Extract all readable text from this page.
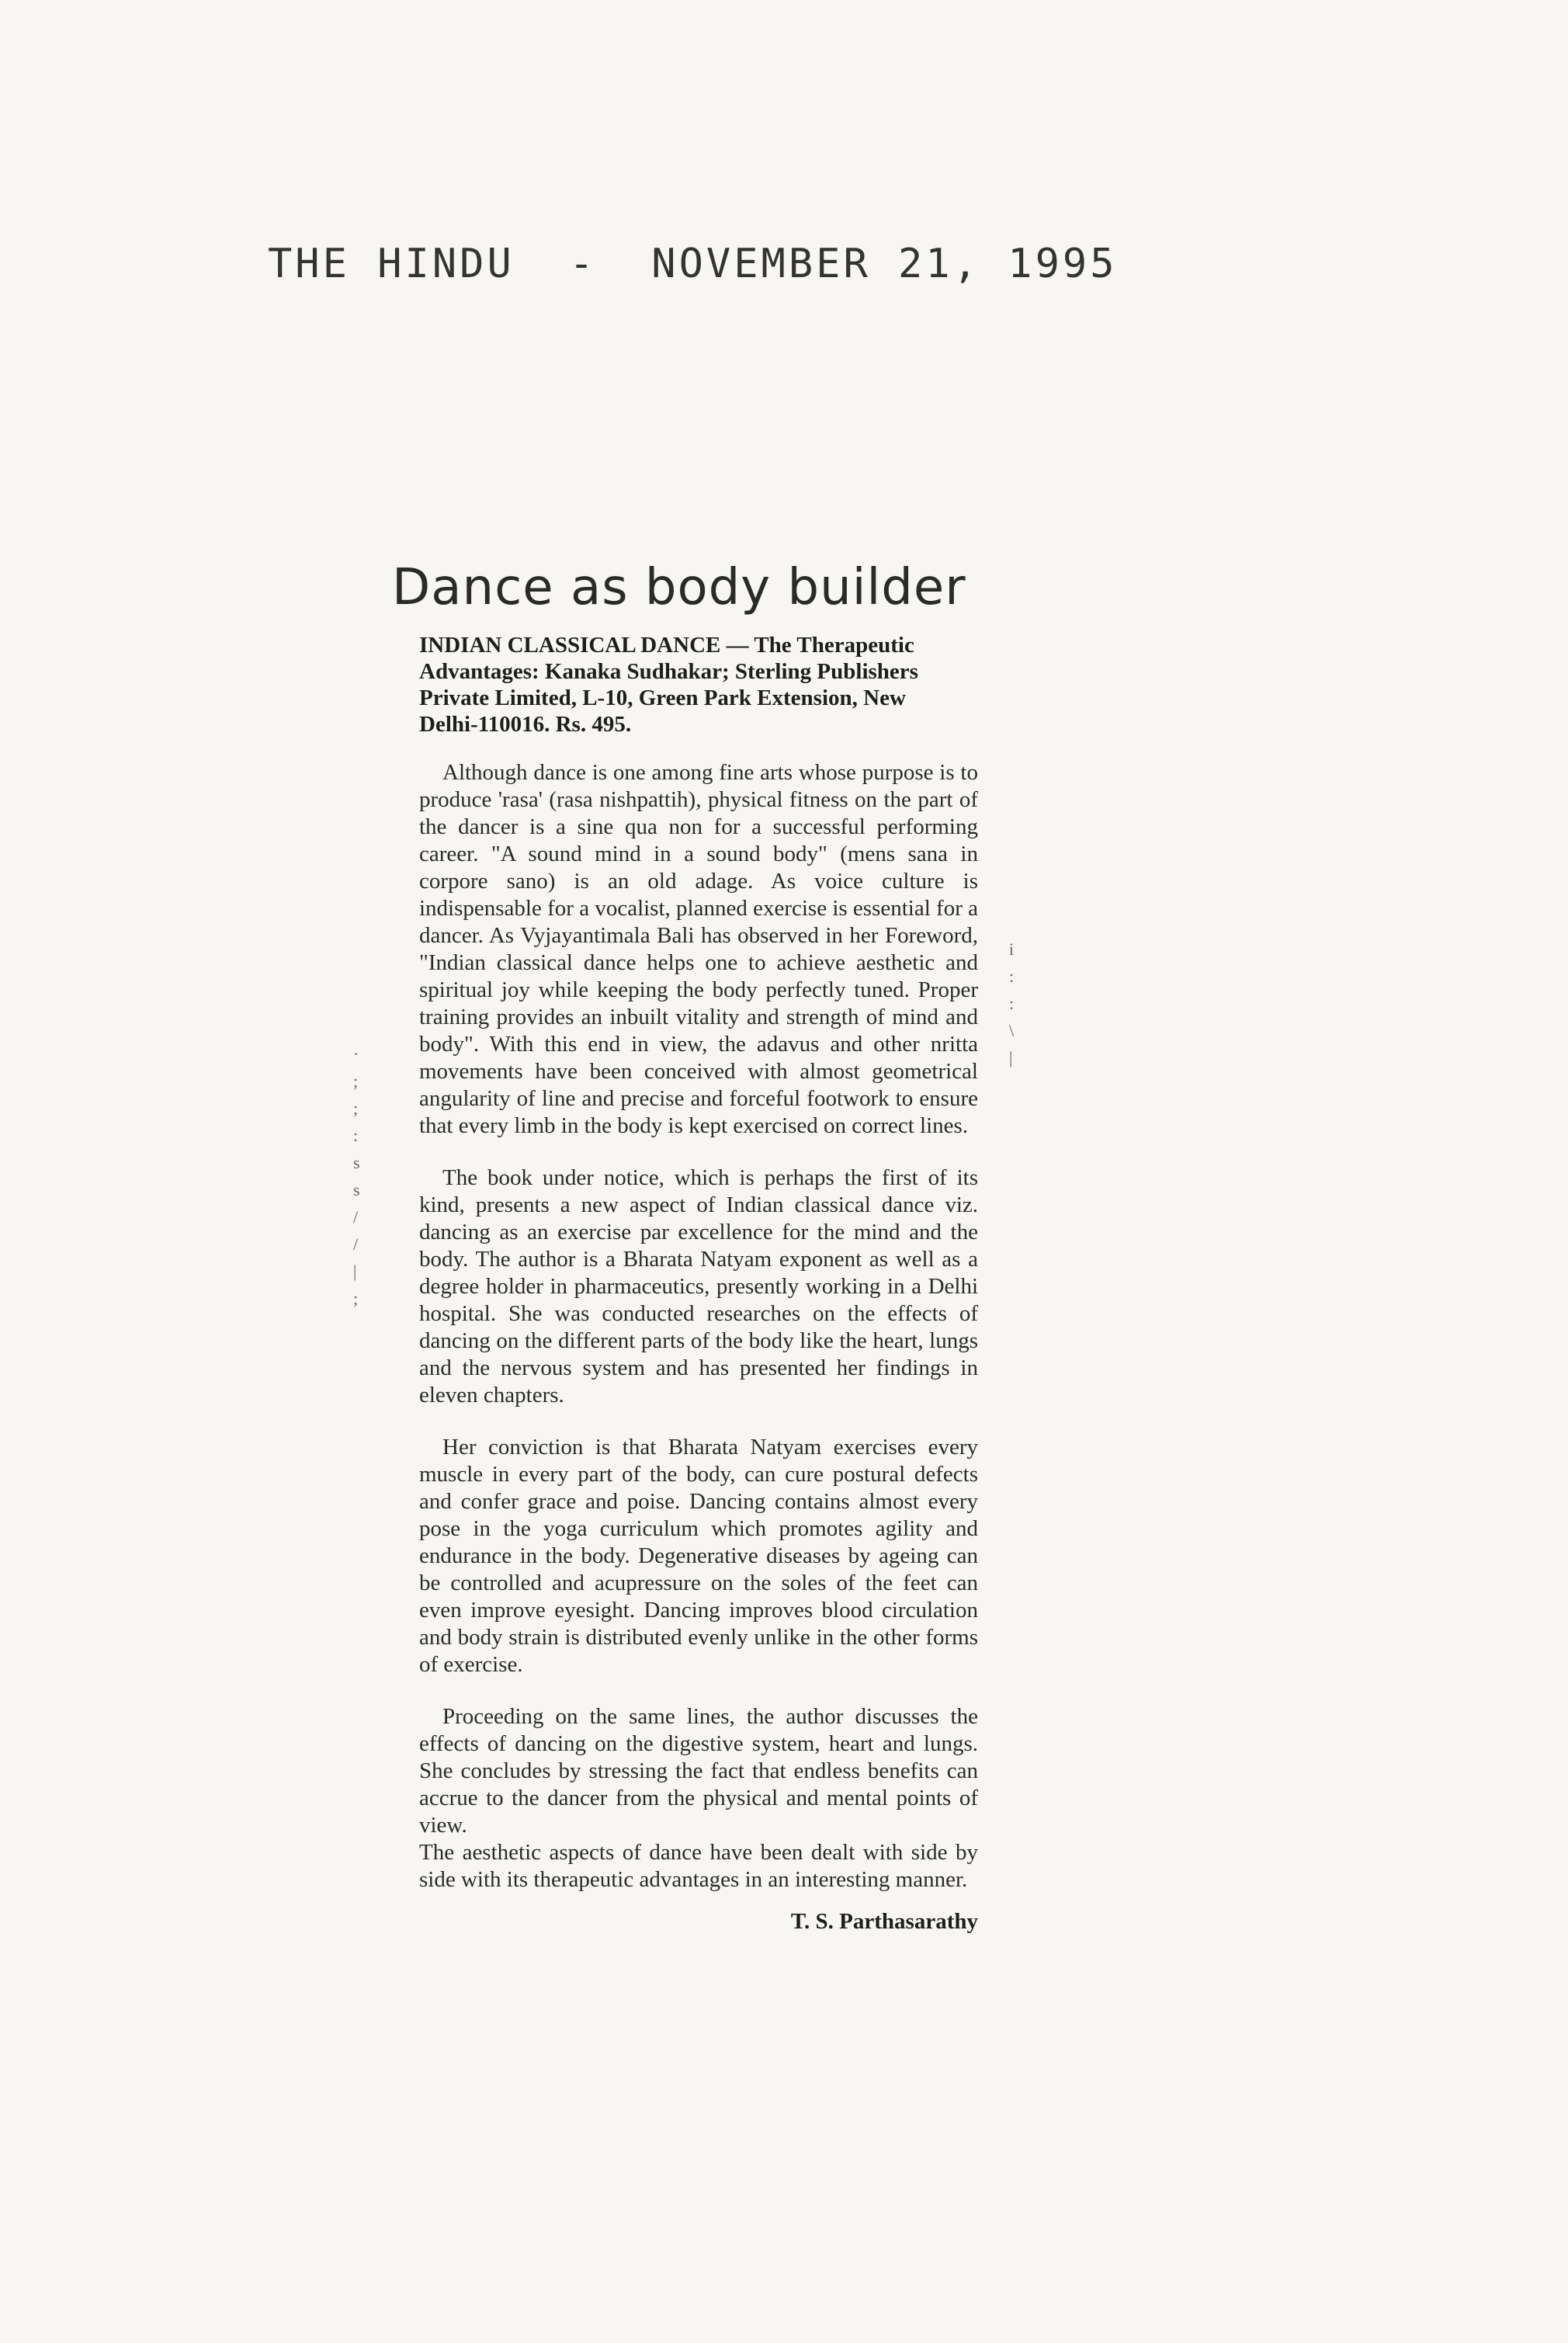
THE HINDU  -  NOVEMBER 21, 1995
Dance as body builder
INDIAN CLASSICAL DANCE — The Therapeutic Advantages: Kanaka Sudhakar; Sterling Publishers Private Limited, L-10, Green Park Extension, New Delhi-110016. Rs. 495.

Although dance is one among fine arts whose purpose is to produce 'rasa' (rasa nishpattih), physical fitness on the part of the dancer is a sine qua non for a successful performing career. "A sound mind in a sound body" (mens sana in corpore sano) is an old adage. As voice culture is indispensable for a vocalist, planned exercise is essential for a dancer. As Vyjayantimala Bali has observed in her Foreword, "Indian classical dance helps one to achieve aesthetic and spiritual joy while keeping the body perfectly tuned. Proper training provides an inbuilt vitality and strength of mind and body". With this end in view, the adavus and other nritta movements have been conceived with almost geometrical angularity of line and precise and forceful footwork to ensure that every limb in the body is kept exercised on correct lines.

The book under notice, which is perhaps the first of its kind, presents a new aspect of Indian classical dance viz. dancing as an exercise par excellence for the mind and the body. The author is a Bharata Natyam exponent as well as a degree holder in pharmaceutics, presently working in a Delhi hospital. She was conducted researches on the effects of dancing on the different parts of the body like the heart, lungs and the nervous system and has presented her findings in eleven chapters.

Her conviction is that Bharata Natyam exercises every muscle in every part of the body, can cure postural defects and confer grace and poise. Dancing contains almost every pose in the yoga curriculum which promotes agility and endurance in the body. Degenerative diseases by ageing can be controlled and acupressure on the soles of the feet can even improve eyesight. Dancing improves blood circulation and body strain is distributed evenly unlike in the other forms of exercise.

Proceeding on the same lines, the author discusses the effects of dancing on the digestive system, heart and lungs. She concludes by stressing the fact that endless benefits can accrue to the dancer from the physical and mental points of view.

The aesthetic aspects of dance have been dealt with side by side with its therapeutic advantages in an interesting manner.

T. S. Parthasarathy
·
;
;
:
s
s
/
/
|
;
i
:
:
\
|
